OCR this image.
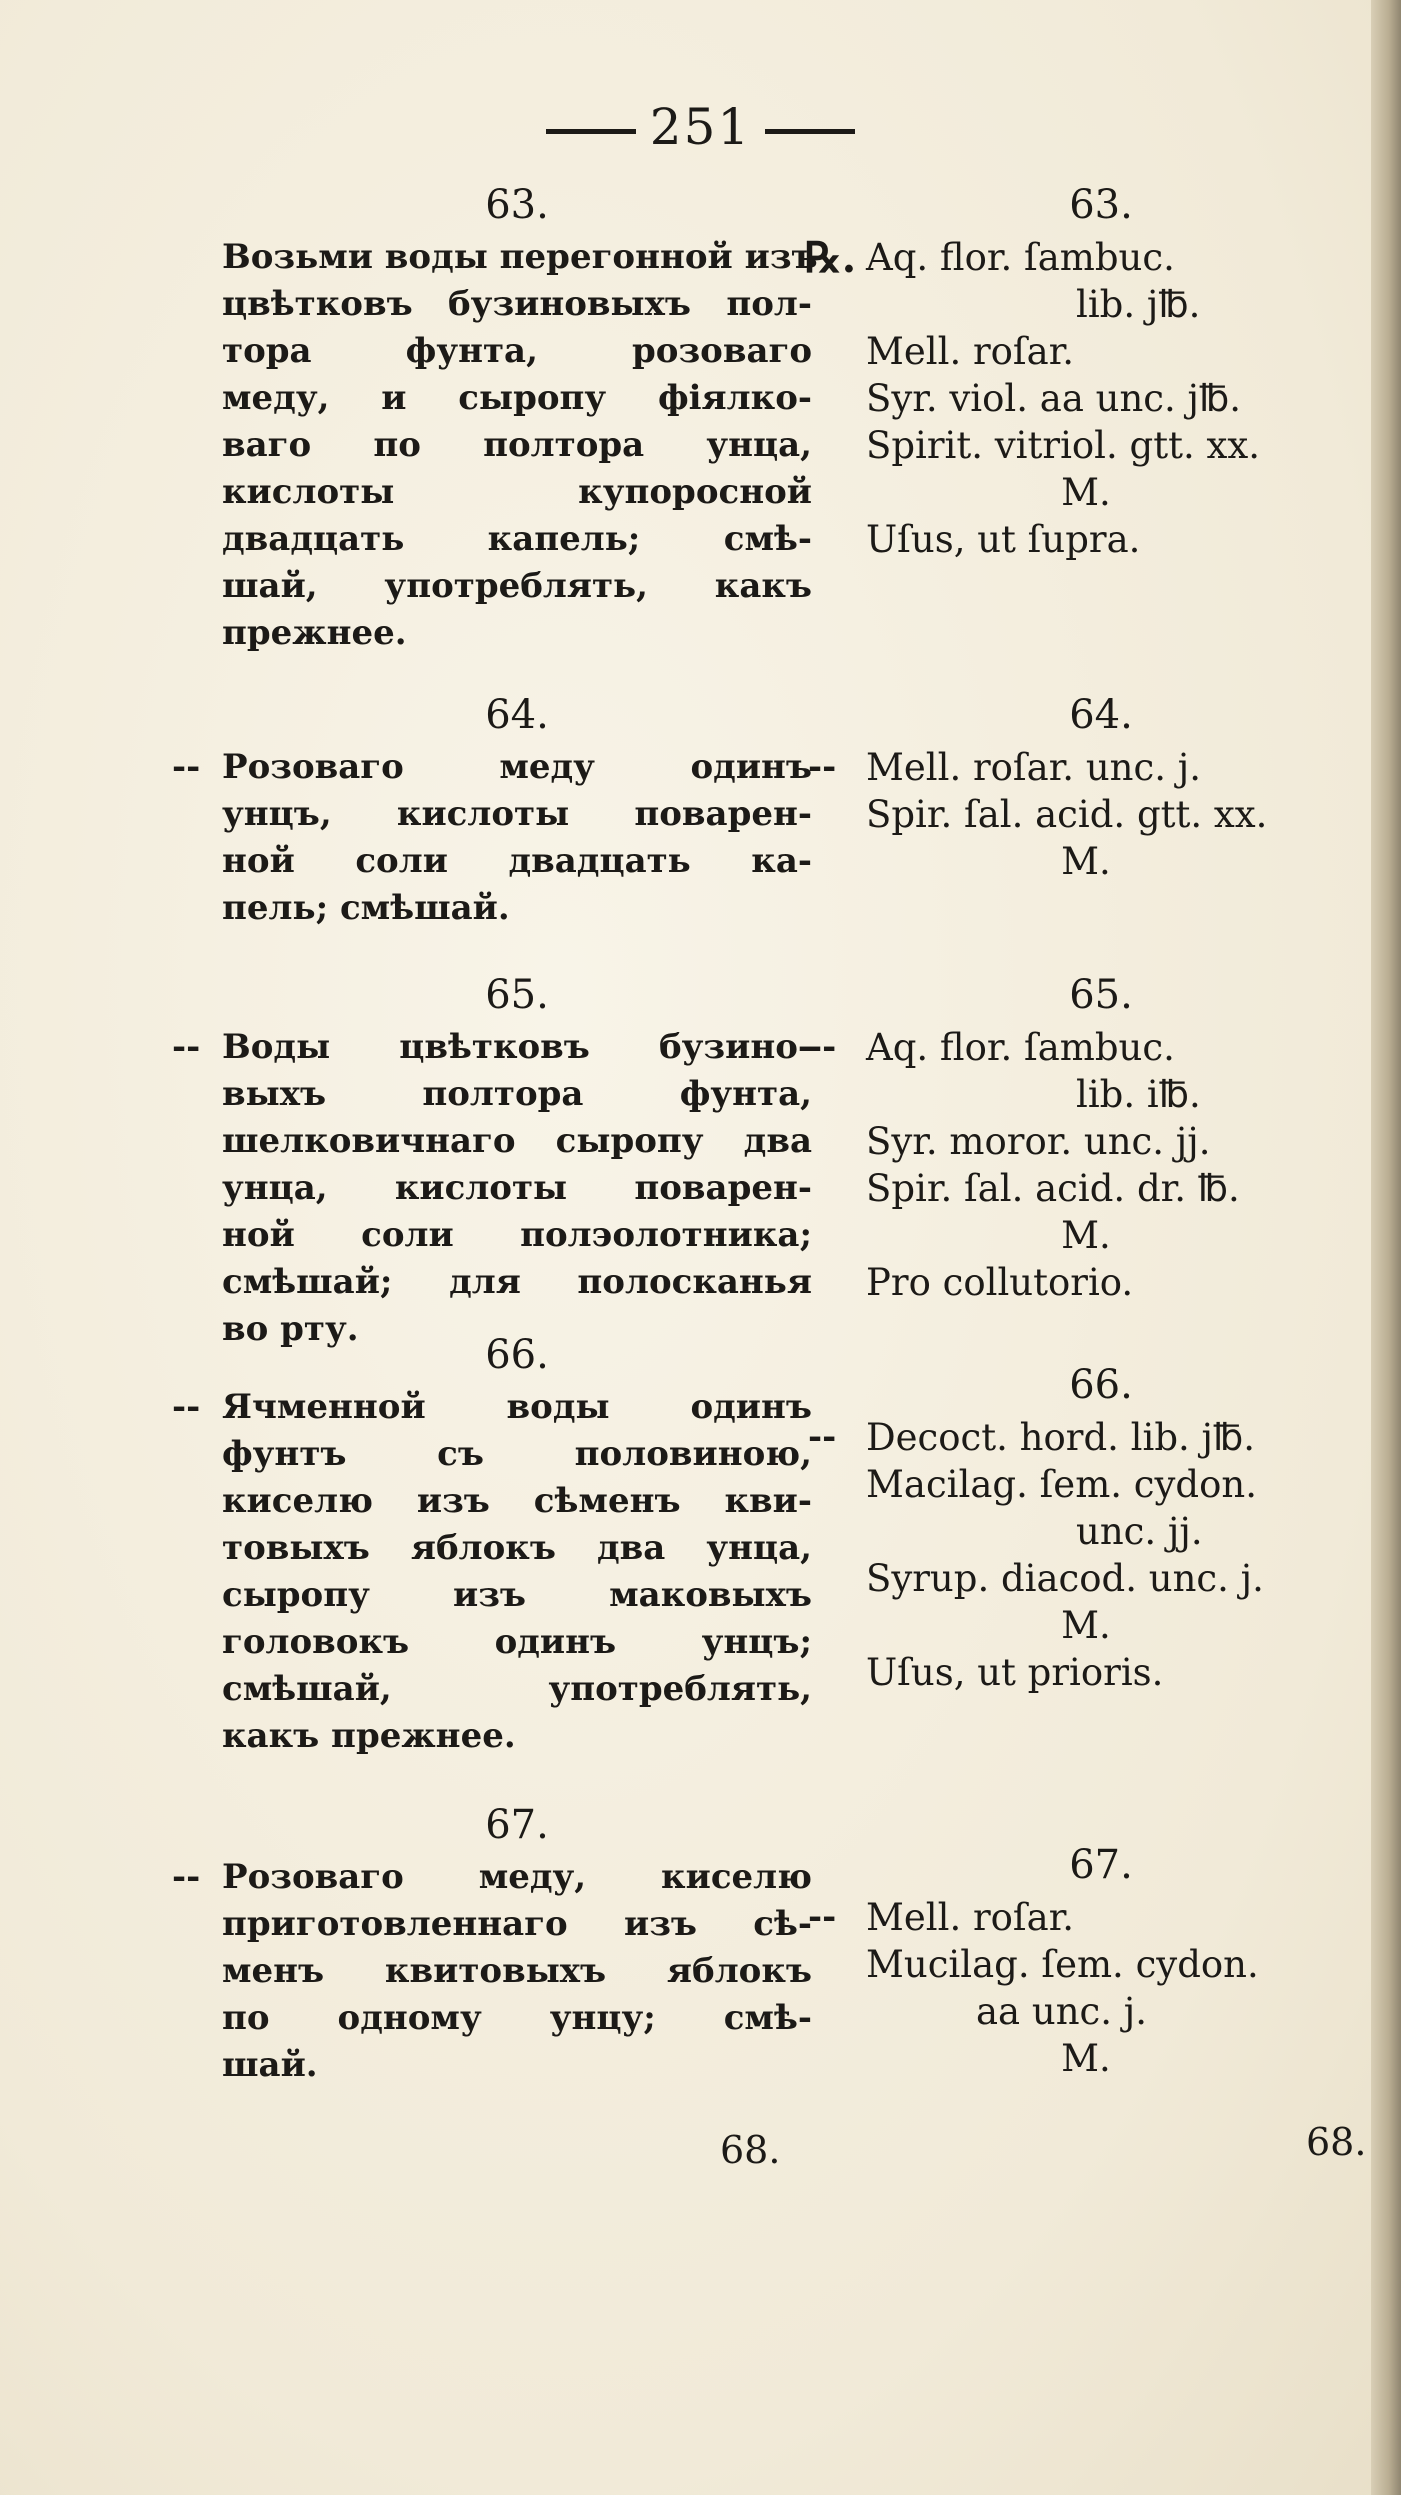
251
63.
Возьми воды перегонной изъ
цвѣтковъ бузиновыхъ пол-
тора фунта, розоваго
меду, и сыропу фіялко-
ваго по полтора унца,
кислоты купоросной
двадцать капель; смѣ-
шай, употреблять, какъ
прежнее.
64.
Розоваго меду одинъ
--
унцъ, кислоты поварен-
ной соли двадцать ка-
пель; смѣшай.
65.
Воды цвѣтковъ бузино-
--
выхъ полтора фунта,
шелковичнаго сыропу два
унца, кислоты поварен-
ной соли полэолотника;
смѣшай; для полосканья
во рту.
66.
Ячменной воды одинъ
--
фунтъ съ половиною,
киселю изъ сѣменъ кви-
товыхъ яблокъ два унца,
сыропу изъ маковыхъ
головокъ одинъ унцъ;
смѣшай, употреблять,
какъ прежнее.
67.
Розоваго меду, киселю
--
приготовленнаго изъ сѣ-
менъ квитовыхъ яблокъ
по одному унцу; смѣ-
шай.
63.
Aq. flor. ſambuc.
℞.
lib. j℔.
Mell. roſar.
Syr. viol. aa unc. j℔.
Spirit. vitriol. gtt. xx.
M.
Uſus, ut ſupra.
64.
Mell. roſar. unc. j.
--
Spir. ſal. acid. gtt. xx.
M.
65.
Aq. flor. ſambuc.
--
lib. i℔.
Syr. moror. unc. jj.
Spir. ſal. acid. dr. ℔.
M.
Pro collutorio.
66.
Decoct. hord. lib. j℔.
--
Macilag. ſem. cydon.
unc. jj.
Syrup. diacod. unc. j.
M.
Uſus, ut prioris.
67.
Mell. roſar.
--
Mucilag. ſem. cydon.
aa unc. j.
M.
68.	68.
